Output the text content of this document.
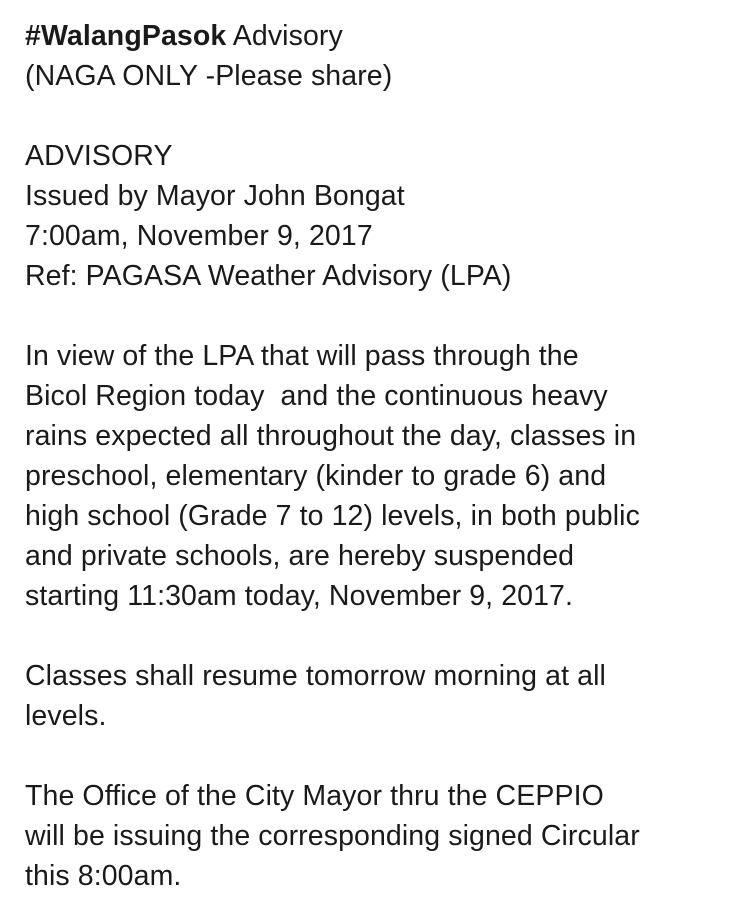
#WalangPasok Advisory
(NAGA ONLY -Please share)
ADVISORY
Issued by Mayor John Bongat
7:00am, November 9, 2017
Ref: PAGASA Weather Advisory (LPA)
In view of the LPA that will pass through the
Bicol Region today  and the continuous heavy
rains expected all throughout the day, classes in
preschool, elementary (kinder to grade 6) and
high school (Grade 7 to 12) levels, in both public
and private schools, are hereby suspended
starting 11:30am today, November 9, 2017.
Classes shall resume tomorrow morning at all
levels.
The Office of the City Mayor thru the CEPPIO
will be issuing the corresponding signed Circular
this 8:00am.
